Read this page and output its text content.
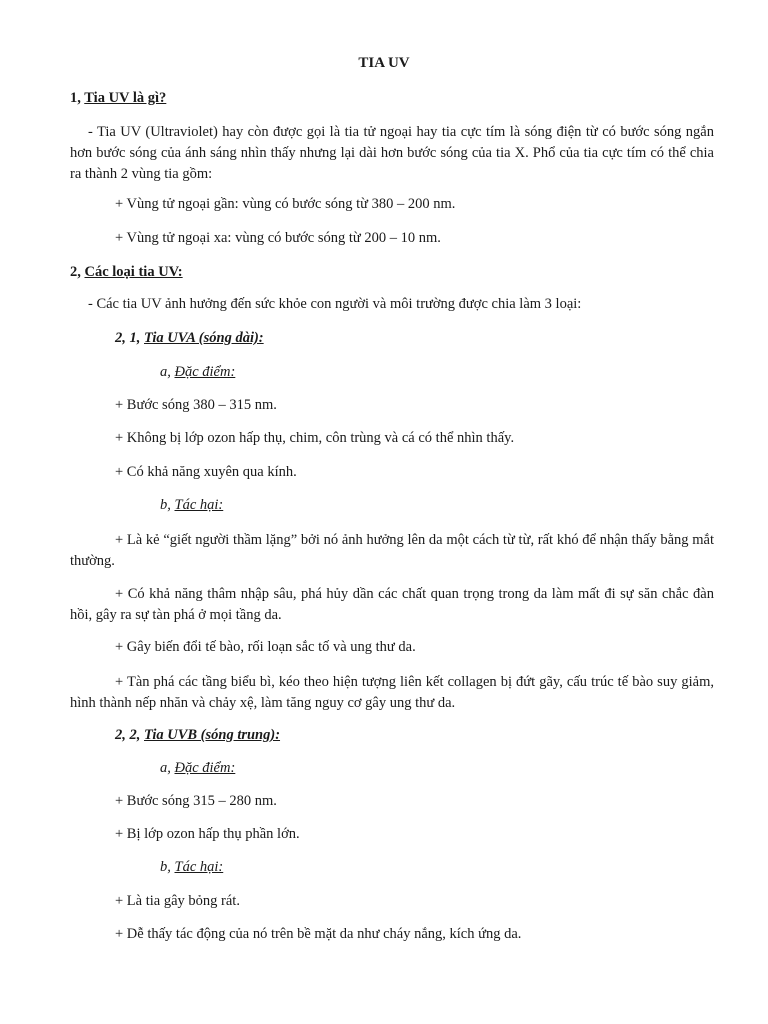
TIA UV
1, Tia UV là gì?
- Tia UV (Ultraviolet) hay còn được gọi là tia tử ngoại hay tia cực tím là sóng điện từ có bước sóng ngắn hơn bước sóng của ánh sáng nhìn thấy nhưng lại dài hơn bước sóng của tia X. Phổ của tia cực tím có thể chia ra thành 2 vùng tia gồm:
+ Vùng tử ngoại gần: vùng có bước sóng từ 380 – 200 nm.
+ Vùng tử ngoại xa: vùng có bước sóng từ 200 – 10 nm.
2, Các loại tia UV:
- Các tia UV ảnh hưởng đến sức khỏe con người và môi trường được chia làm 3 loại:
2, 1, Tia UVA (sóng dài):
a, Đặc điểm:
+ Bước sóng 380 – 315 nm.
+ Không bị lớp ozon hấp thụ, chim, côn trùng và cá có thể nhìn thấy.
+ Có khả năng xuyên qua kính.
b, Tác hại:
+ Là kẻ “giết người thầm lặng” bởi nó ảnh hưởng lên da một cách từ từ, rất khó để nhận thấy bằng mắt thường.
+ Có khả năng thâm nhập sâu, phá hủy dần các chất quan trọng trong da làm mất đi sự săn chắc đàn hồi, gây ra sự tàn phá ở mọi tầng da.
+ Gây biến đổi tế bào, rối loạn sắc tố và ung thư da.
+ Tàn phá các tầng biểu bì, kéo theo hiện tượng liên kết collagen bị đứt gãy, cấu trúc tế bào suy giảm, hình thành nếp nhăn và chảy xệ, làm tăng nguy cơ gây ung thư da.
2, 2, Tia UVB (sóng trung):
a, Đặc điểm:
+ Bước sóng 315 – 280 nm.
+ Bị lớp ozon hấp thụ phần lớn.
b, Tác hại:
+ Là tia gây bỏng rát.
+ Dễ thấy tác động của nó trên bề mặt da như cháy nắng, kích ứng da.
